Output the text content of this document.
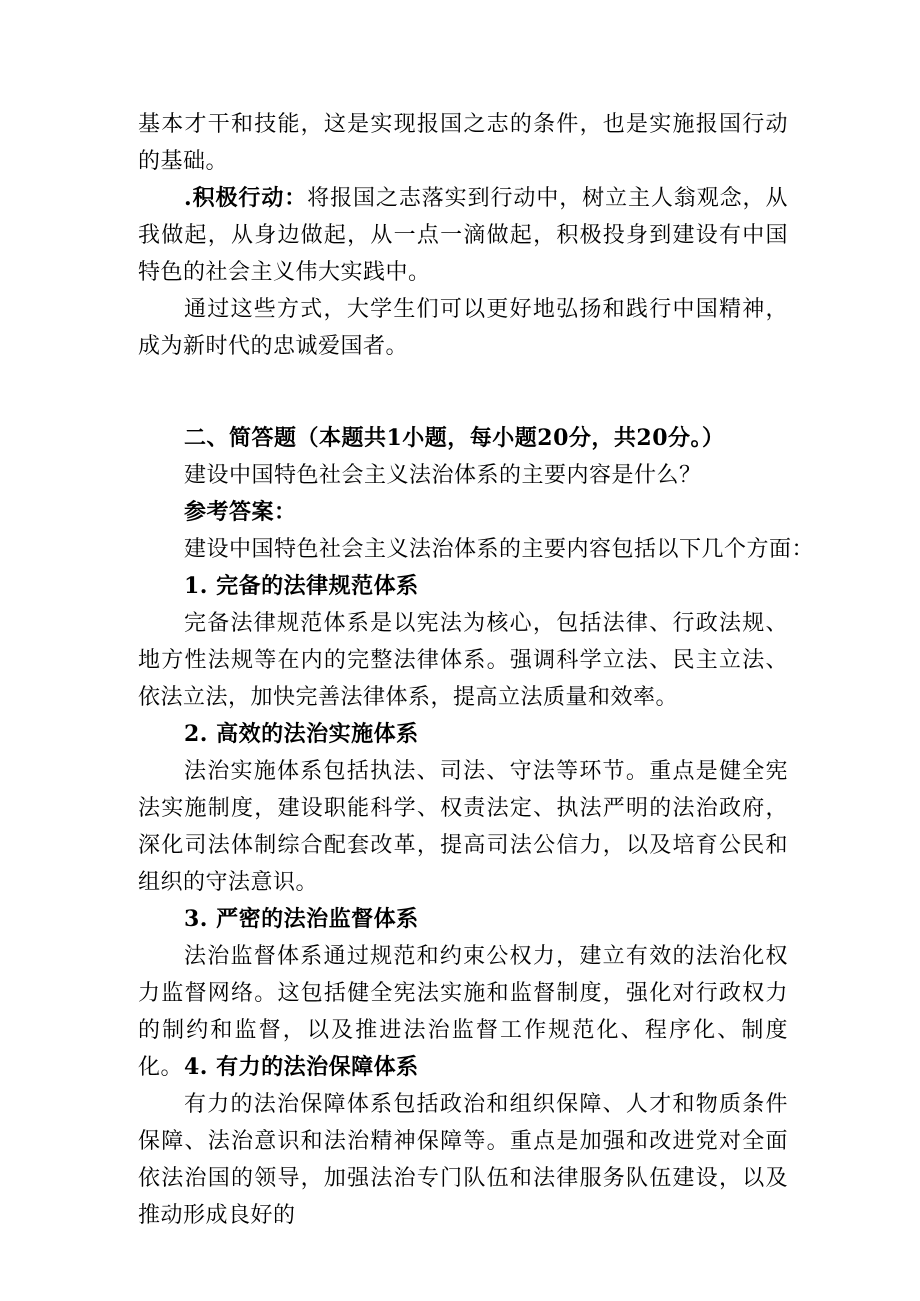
基本才干和技能，这是实现报国之志的条件，也是实施报国行动的基础。

.积极行动：将报国之志落实到行动中，树立主人翁观念，从我做起，从身边做起，从一点一滴做起，积极投身到建设有中国特色的社会主义伟大实践中。

通过这些方式，大学生们可以更好地弘扬和践行中国精神，成为新时代的忠诚爱国者。

二、简答题（本题共1小题，每小题20分，共20分。）

建设中国特色社会主义法治体系的主要内容是什么？

参考答案：

建设中国特色社会主义法治体系的主要内容包括以下几个方面：

1. 完备的法律规范体系

完备法律规范体系是以宪法为核心，包括法律、行政法规、地方性法规等在内的完整法律体系。强调科学立法、民主立法、依法立法，加快完善法律体系，提高立法质量和效率。

2. 高效的法治实施体系

法治实施体系包括执法、司法、守法等环节。重点是健全宪法实施制度，建设职能科学、权责法定、执法严明的法治政府，深化司法体制综合配套改革，提高司法公信力，以及培育公民和组织的守法意识。

3. 严密的法治监督体系

法治监督体系通过规范和约束公权力，建立有效的法治化权力监督网络。这包括健全宪法实施和监督制度，强化对行政权力的制约和监督，以及推进法治监督工作规范化、程序化、制度化。 4. 有力的法治保障体系

有力的法治保障体系包括政治和组织保障、人才和物质条件保障、法治意识和法治精神保障等。重点是加强和改进党对全面依法治国的领导，加强法治专门队伍和法律服务队伍建设，以及推动形成良好的
